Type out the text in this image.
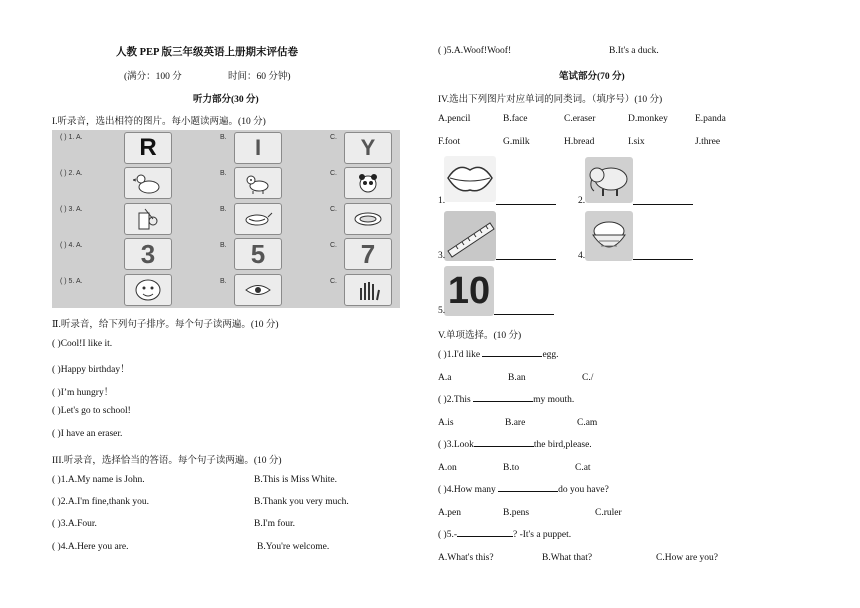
人教 PEP 版三年级英语上册期末评估卷
(满分：100 分	时间：60 分钟)
听力部分(30 分)
I.听录音，选出相符的图片。每小题读两遍。(10 分)
( ) 1. A.	R	B.	I	C.	Y
( ) 2. A.	B.	C.
( ) 3. A.	B.	C.
( ) 4. A.	3	B. 5	C. 7
( ) 5. A.	B.	C.
Ⅱ.听录音，给下列句子排序。每个句子读两遍。(10 分)
( )Cool!I like it.
( )Happy birthday！
( )I’m hungry！
( )Let's go to school!
( )I have an eraser.
III.听录音，选择恰当的答语。每个句子读两遍。(10 分)
( )1.A.My name is John.	B.This is Miss White.
( )2.A.I'm fine,thank you.	B.Thank you very much.
( )3.A.Four.	B.I'm four.
( )4.A.Here you are.	B.You're welcome.
( )5.A.Woof!Woof!	B.It's a duck.
笔试部分(70 分)
IV.选出下列图片对应单词的同类词。（填序号）(10 分)
A.pencil	B.face	C.eraser	D.monkey	E.panda
F.foot	G.milk	H.bread	I.six	J.three
1.	2.
3.	4.
10
5.
V.单项选择。(10 分)
( )1.I'd like	egg.
A.a	B.an	C./
( )2.This	my mouth.
A.is	B.are	C.am
( )3.Look	the bird,please.
A.on	B.to	C.at
( )4.How many	do you have?
A.pen	B.pens	C.ruler
( )5.-	? -It's a puppet.
A.What's this?	B.What that?	C.How are you?
